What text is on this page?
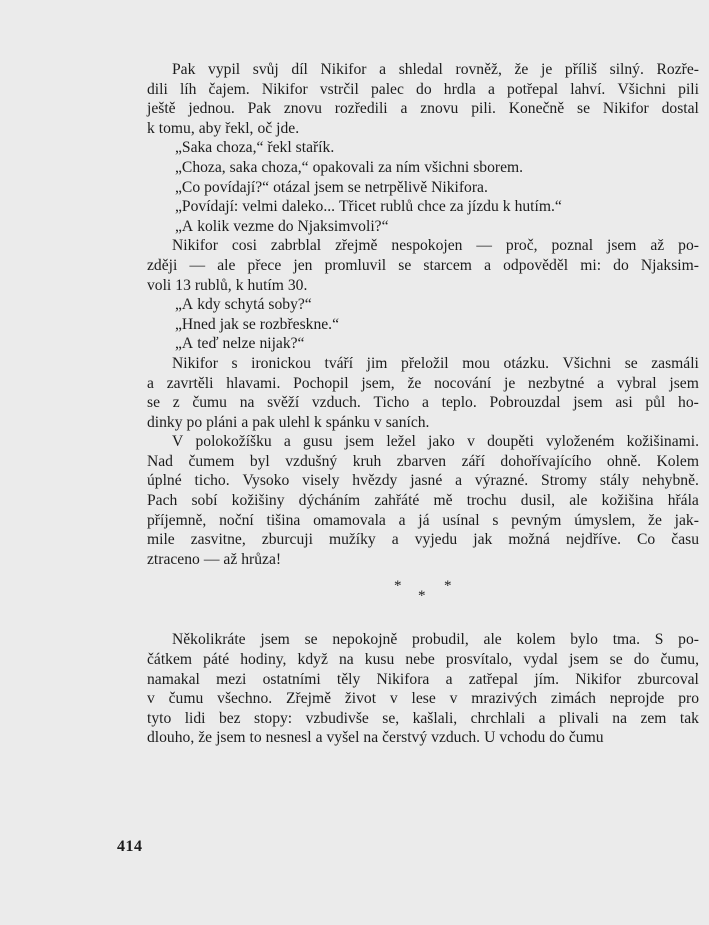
Pak vypil svůj díl Nikifor a shledal rovněž, že je příliš silný. Rozře-
dili líh čajem. Nikifor vstrčil palec do hrdla a potřepal lahví. Všichni pili
ještě jednou. Pak znovu rozředili a znovu pili. Konečně se Nikifor dostal
k tomu, aby řekl, oč jde.
„Saka choza,“ řekl stařík.
„Choza, saka choza,“ opakovali za ním všichni sborem.
„Co povídají?“ otázal jsem se netrpělivě Nikifora.
„Povídají: velmi daleko... Třicet rublů chce za jízdu k hutím.“
„A kolik vezme do Njaksimvoli?“
Nikifor cosi zabrblal zřejmě nespokojen — proč, poznal jsem až po-
zději — ale přece jen promluvil se starcem a odpověděl mi: do Njaksim-
voli 13 rublů, k hutím 30.
„A kdy schytá soby?“
„Hned jak se rozbřeskne.“
„A teď nelze nijak?“
Nikifor s ironickou tváří jim přeložil mou otázku. Všichni se zasmáli
a zavrtěli hlavami. Pochopil jsem, že nocování je nezbytné a vybral jsem
se z čumu na svěží vzduch. Ticho a teplo. Pobrouzdal jsem asi půl ho-
dinky po pláni a pak ulehl k spánku v saních.
V polokožíšku a gusu jsem ležel jako v doupěti vyloženém kožišinami.
Nad čumem byl vzdušný kruh zbarven září dohořívajícího ohně. Kolem
úplné ticho. Vysoko visely hvězdy jasné a výrazné. Stromy stály nehybně.
Pach sobí kožišiny dýcháním zahřáté mě trochu dusil, ale kožišina hřála
příjemně, noční tišina omamovala a já usínal s pevným úmyslem, že jak-
mile zasvitne, zburcuji mužíky a vyjedu jak možná nejdříve. Co času
ztraceno — až hrůza!
*
*
*
Několikráte jsem se nepokojně probudil, ale kolem bylo tma. S po-
čátkem páté hodiny, když na kusu nebe prosvítalo, vydal jsem se do čumu,
namakal mezi ostatními těly Nikifora a zatřepal jím. Nikifor zburcoval
v čumu všechno. Zřejmě život v lese v mrazivých zimách neprojde pro
tyto lidi bez stopy: vzbudivše se, kašlali, chrchlali a plivali na zem tak
dlouho, že jsem to nesnesl a vyšel na čerstvý vzduch. U vchodu do čumu
414
